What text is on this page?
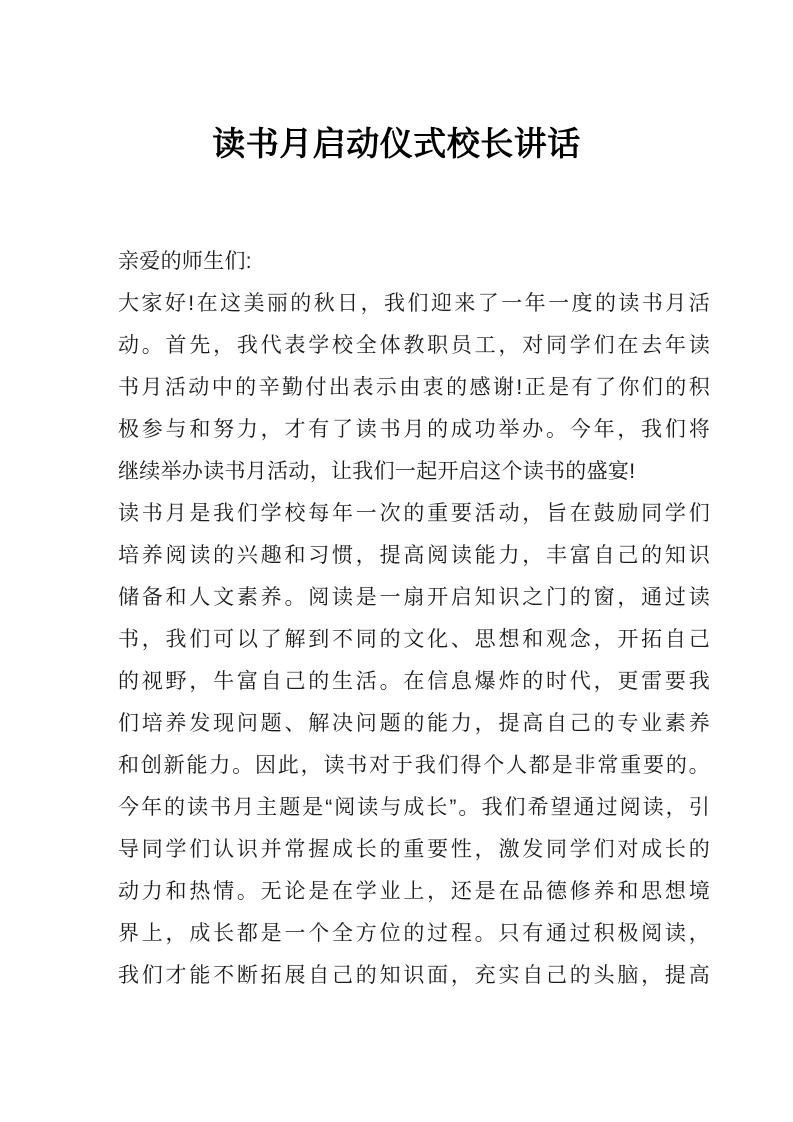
读书月启动仪式校长讲话
亲爱的师生们:
大家好!在这美丽的秋日，我们迎来了一年一度的读书月活
动。首先，我代表学校全体教职员工，对同学们在去年读
书月活动中的辛勤付出表示由衷的感谢!正是有了你们的积
极参与和努力，才有了读书月的成功举办。今年，我们将
继续举办读书月活动，让我们一起开启这个读书的盛宴!
读书月是我们学校每年一次的重要活动，旨在鼓励同学们
培养阅读的兴趣和习惯，提高阅读能力，丰富自己的知识
储备和人文素养。阅读是一扇开启知识之门的窗，通过读
书，我们可以了解到不同的文化、思想和观念，开拓自己
的视野，牛富自己的生活。在信息爆炸的时代，更雷要我
们培养发现问题、解决问题的能力，提高自己的专业素养
和创新能力。因此，读书对于我们得个人都是非常重要的。
今年的读书月主题是“阅读与成长”。我们希望通过阅读，引
导同学们认识并常握成长的重要性，激发同学们对成长的
动力和热情。无论是在学业上，还是在品德修养和思想境
界上，成长都是一个全方位的过程。只有通过积极阅读，
我们才能不断拓展自己的知识面，充实自己的头脑，提高
